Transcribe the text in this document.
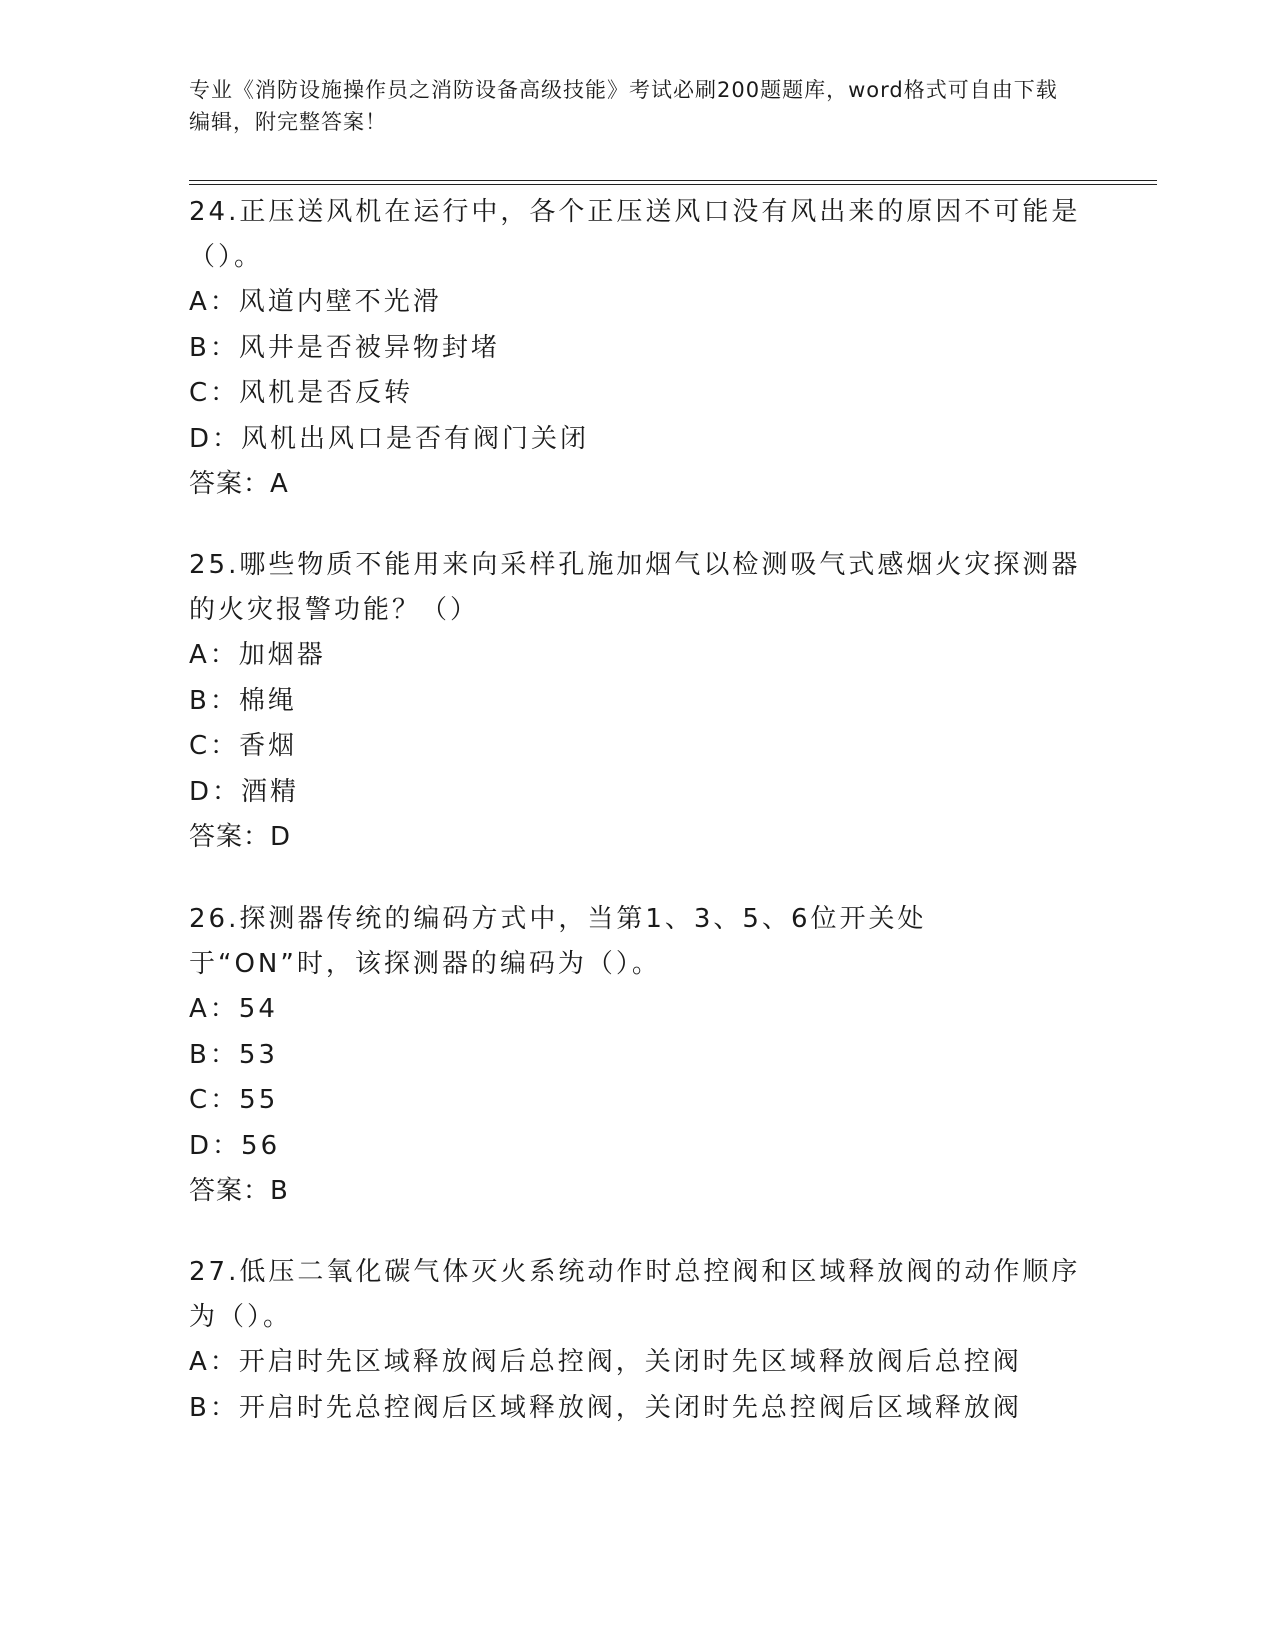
专业《消防设施操作员之消防设备高级技能》考试必刷200题题库，word格式可自由下载编辑，附完整答案！
24.正压送风机在运行中，各个正压送风口没有风出来的原因不可能是（）。
A：风道内壁不光滑
B：风井是否被异物封堵
C：风机是否反转
D：风机出风口是否有阀门关闭
答案：A
25.哪些物质不能用来向采样孔施加烟气以检测吸气式感烟火灾探测器的火灾报警功能？（）
A：加烟器
B：棉绳
C：香烟
D：酒精
答案：D
26.探测器传统的编码方式中，当第1、3、5、6位开关处于“ON”时，该探测器的编码为（）。
A：54
B：53
C：55
D：56
答案：B
27.低压二氧化碳气体灭火系统动作时总控阀和区域释放阀的动作顺序为（）。
A：开启时先区域释放阀后总控阀，关闭时先区域释放阀后总控阀
B：开启时先总控阀后区域释放阀，关闭时先总控阀后区域释放阀
